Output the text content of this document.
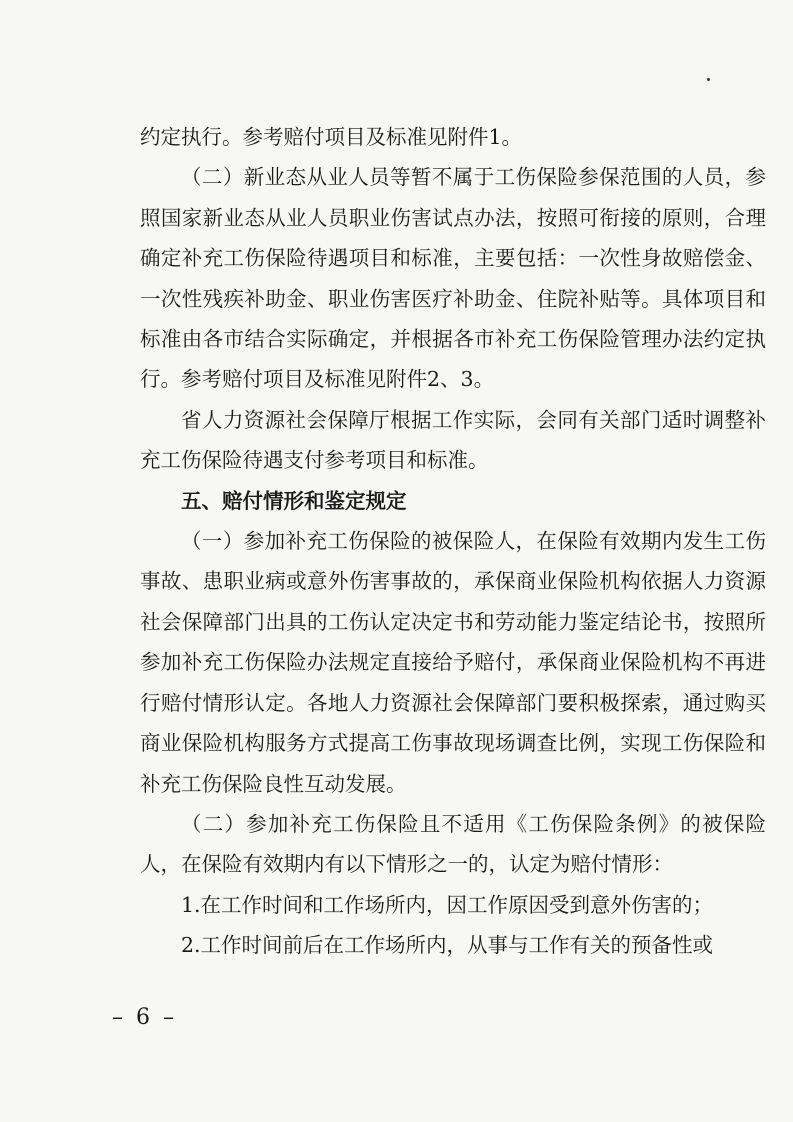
约定执行。参考赔付项目及标准见附件1。

（二）新业态从业人员等暂不属于工伤保险参保范围的人员，参照国家新业态从业人员职业伤害试点办法，按照可衔接的原则，合理确定补充工伤保险待遇项目和标准，主要包括：一次性身故赔偿金、一次性残疾补助金、职业伤害医疗补助金、住院补贴等。具体项目和标准由各市结合实际确定，并根据各市补充工伤保险管理办法约定执行。参考赔付项目及标准见附件2、3。

省人力资源社会保障厅根据工作实际，会同有关部门适时调整补充工伤保险待遇支付参考项目和标准。

五、赔付情形和鉴定规定

（一）参加补充工伤保险的被保险人，在保险有效期内发生工伤事故、患职业病或意外伤害事故的，承保商业保险机构依据人力资源社会保障部门出具的工伤认定决定书和劳动能力鉴定结论书，按照所参加补充工伤保险办法规定直接给予赔付，承保商业保险机构不再进行赔付情形认定。各地人力资源社会保障部门要积极探索，通过购买商业保险机构服务方式提高工伤事故现场调查比例，实现工伤保险和补充工伤保险良性互动发展。

（二）参加补充工伤保险且不适用《工伤保险条例》的被保险人，在保险有效期内有以下情形之一的，认定为赔付情形：

1.在工作时间和工作场所内，因工作原因受到意外伤害的；

2.工作时间前后在工作场所内，从事与工作有关的预备性或

– 6 –
